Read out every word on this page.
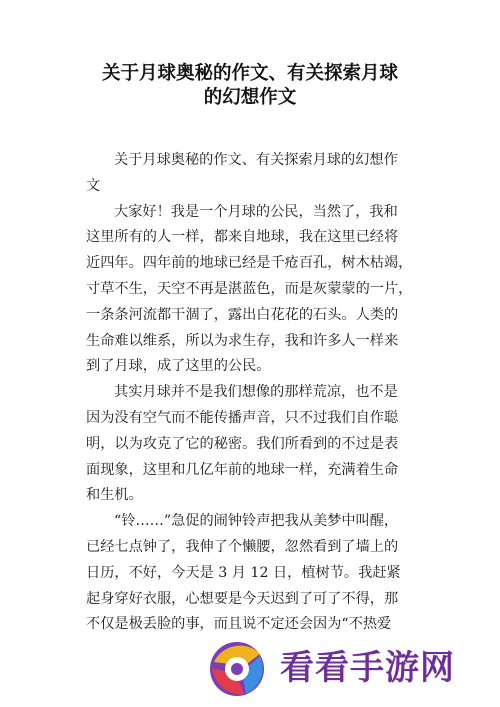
关于月球奥秘的作文、有关探索月球
的幻想作文
关于月球奥秘的作文、有关探索月球的幻想作
文
大家好！我是一个月球的公民，当然了，我和
这里所有的人一样，都来自地球，我在这里已经将
近四年。四年前的地球已经是千疮百孔，树木枯竭，
寸草不生，天空不再是湛蓝色，而是灰蒙蒙的一片，
一条条河流都干涸了，露出白花花的石头。人类的
生命难以维系，所以为求生存，我和许多人一样来
到了月球，成了这里的公民。
其实月球并不是我们想像的那样荒凉，也不是
因为没有空气而不能传播声音，只不过我们自作聪
明，以为攻克了它的秘密。我们所看到的不过是表
面现象，这里和几亿年前的地球一样，充满着生命
和生机。
“铃……”急促的闹钟铃声把我从美梦中叫醒，
已经七点钟了，我伸了个懒腰，忽然看到了墙上的
日历，不好，今天是 3 月 12 日，植树节。我赶紧
起身穿好衣服，心想要是今天迟到了可了不得，那
不仅是极丢脸的事，而且说不定还会因为“不热爱
看看手游网
